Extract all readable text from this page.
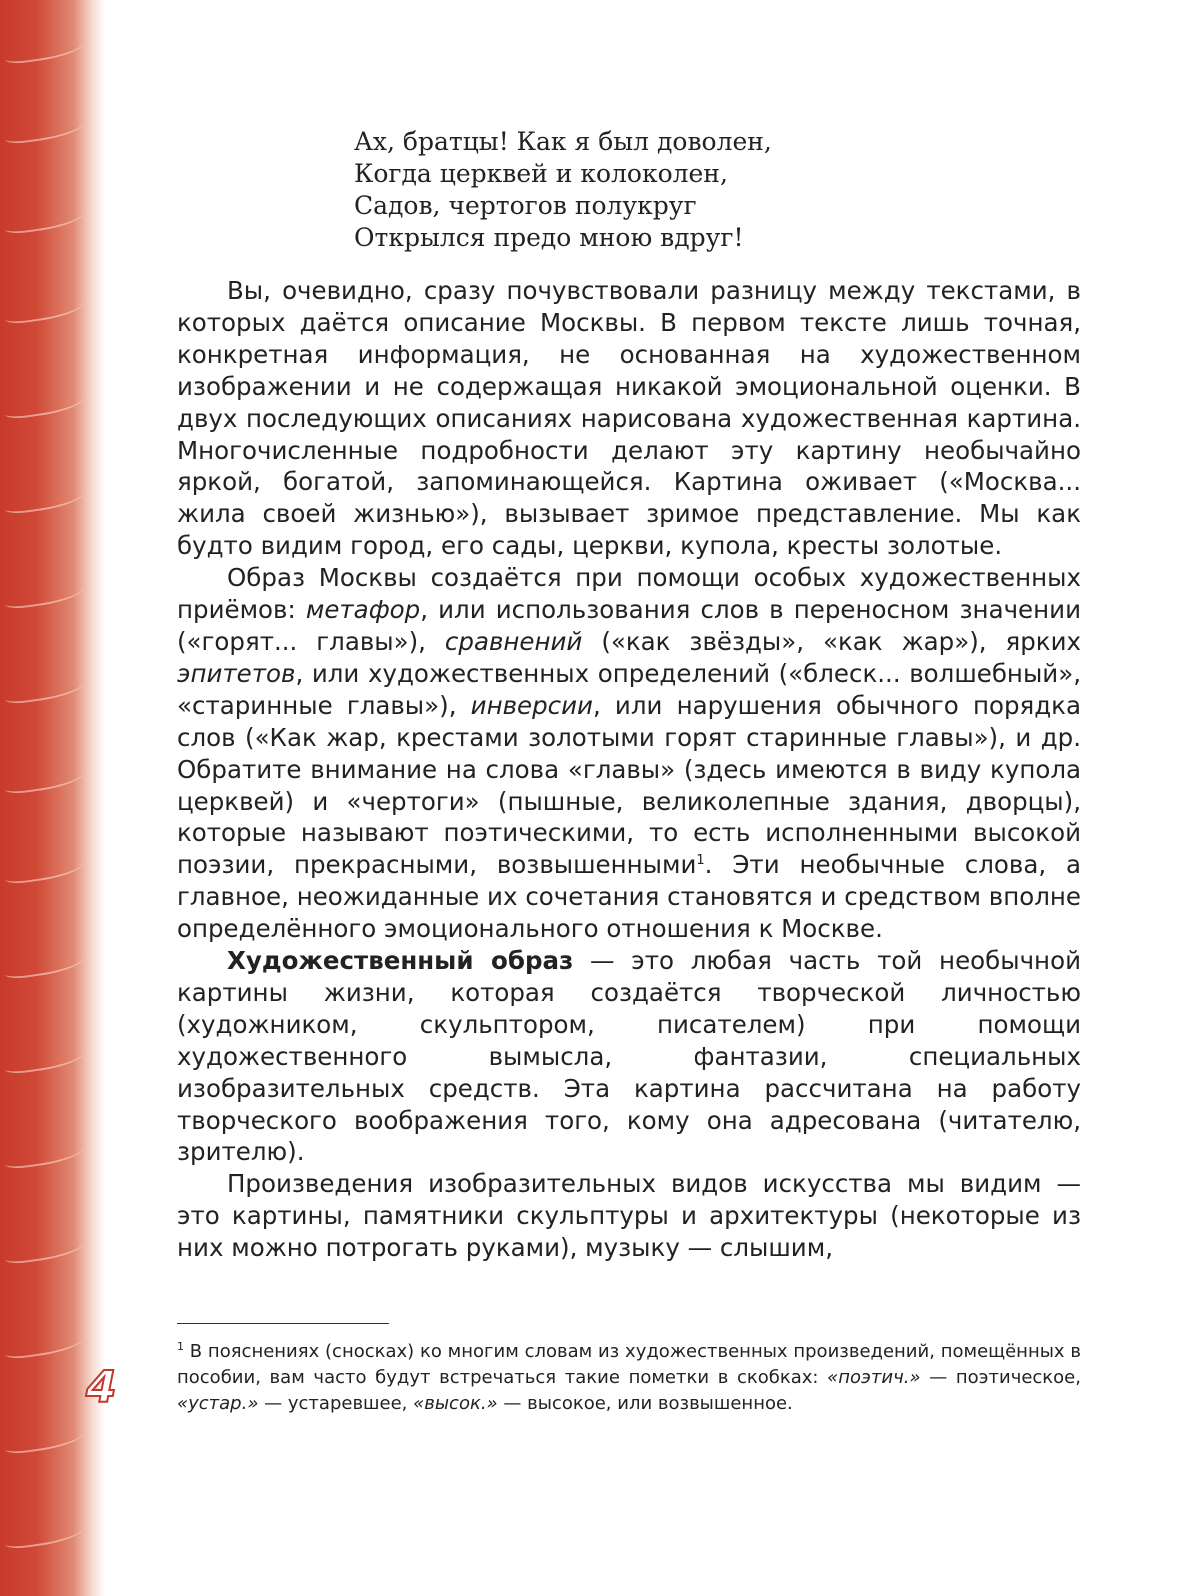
Ах, братцы! Как я был доволен,
Когда церквей и колоколен,
Садов, чертогов полукруг
Открылся предо мною вдруг!

Вы, очевидно, сразу почувствовали разницу между текстами, в которых даётся описание Москвы. В первом тексте лишь точная, конкретная информация, не основанная на художественном изображении и не содержащая никакой эмоциональной оценки. В двух последующих описаниях нарисована художественная картина. Многочисленные подробности делают эту картину необычайно яркой, богатой, запоминающейся. Картина оживает («Москва... жила своей жизнью»), вызывает зримое представление. Мы как будто видим город, его сады, церкви, купола, кресты золотые.

Образ Москвы создаётся при помощи особых художественных приёмов: метафор, или использования слов в переносном значении («горят... главы»), сравнений («как звёзды», «как жар»), ярких эпитетов, или художественных определений («блеск... волшебный», «старинные главы»), инверсии, или нарушения обычного порядка слов («Как жар, крестами золотыми горят старинные главы»), и др. Обратите внимание на слова «главы» (здесь имеются в виду купола церквей) и «чертоги» (пышные, великолепные здания, дворцы), которые называют поэтическими, то есть исполненными высокой поэзии, прекрасными, возвышенными$^1$. Эти необычные слова, а главное, неожиданные их сочетания становятся и средством вполне определённого эмоционального отношения к Москве.

Художественный образ — это любая часть той необычной картины жизни, которая создаётся творческой личностью (художником, скульптором, писателем) при помощи художественного вымысла, фантазии, специальных изобразительных средств. Эта картина рассчитана на работу творческого воображения того, кому она адресована (читателю, зрителю).

Произведения изобразительных видов искусства мы видим — это картины, памятники скульптуры и архитектуры (некоторые из них можно потрогать руками), музыку — слышим,

$^1$ В пояснениях (сносках) ко многим словам из художественных произведений, помещённых в пособии, вам часто будут встречаться такие пометки в скобках: «поэтич.» — поэтическое, «устар.» — устаревшее, «высок.» — высокое, или возвышенное.
4
